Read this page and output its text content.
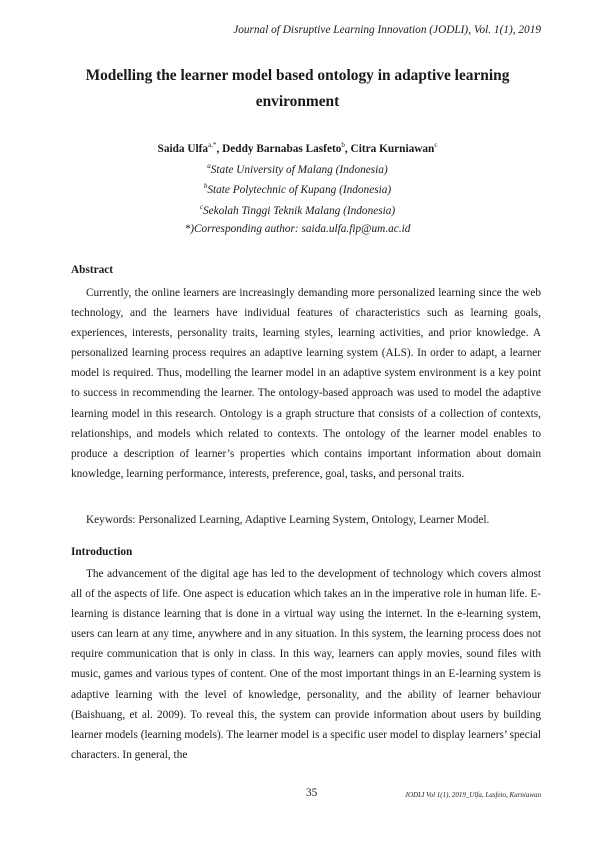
Journal of Disruptive Learning Innovation (JODLI), Vol. 1(1), 2019
Modelling the learner model based ontology in adaptive learning
environment
Saida Ulfa$^{a,*}$, Deddy Barnabas Lasfeto$^b$, Citra Kurniawan$^c$
$^a$State University of Malang (Indonesia)
$^b$State Polytechnic of Kupang (Indonesia)
$^c$Sekolah Tinggi Teknik Malang (Indonesia)
*)Corresponding author: saida.ulfa.fip@um.ac.id
Abstract

Currently, the online learners are increasingly demanding more personalized learning since the web technology, and the learners have individual features of characteristics such as learning goals, experiences, interests, personality traits, learning styles, learning activities, and prior knowledge. A personalized learning process requires an adaptive learning system (ALS). In order to adapt, a learner model is required. Thus, modelling the learner model in an adaptive system environment is a key point to success in recommending the learner. The ontology-based approach was used to model the adaptive learning model in this research. Ontology is a graph structure that consists of a collection of contexts, relationships, and models which related to contexts. The ontology of the learner model enables to produce a description of learner’s properties which contains important information about domain knowledge, learning performance, interests, preference, goal, tasks, and personal traits.

Keywords: Personalized Learning, Adaptive Learning System, Ontology, Learner Model.

Introduction

The advancement of the digital age has led to the development of technology which covers almost all of the aspects of life. One aspect is education which takes an in the imperative role in human life. E-learning is distance learning that is done in a virtual way using the internet. In the e-learning system, users can learn at any time, anywhere and in any situation. In this system, the learning process does not require communication that is only in class. In this way, learners can apply movies, sound files with music, games and various types of content. One of the most important things in an E-learning system is adaptive learning with the level of knowledge, personality, and the ability of learner behaviour (Baishuang, et al. 2009). To reveal this, the system can provide information about users by building learner models (learning models). The learner model is a specific user model to display learners’ special characters. In general, the

35	JODLI Vol 1(1), 2019_Ulfa, Lasfeto, Kurniawan
